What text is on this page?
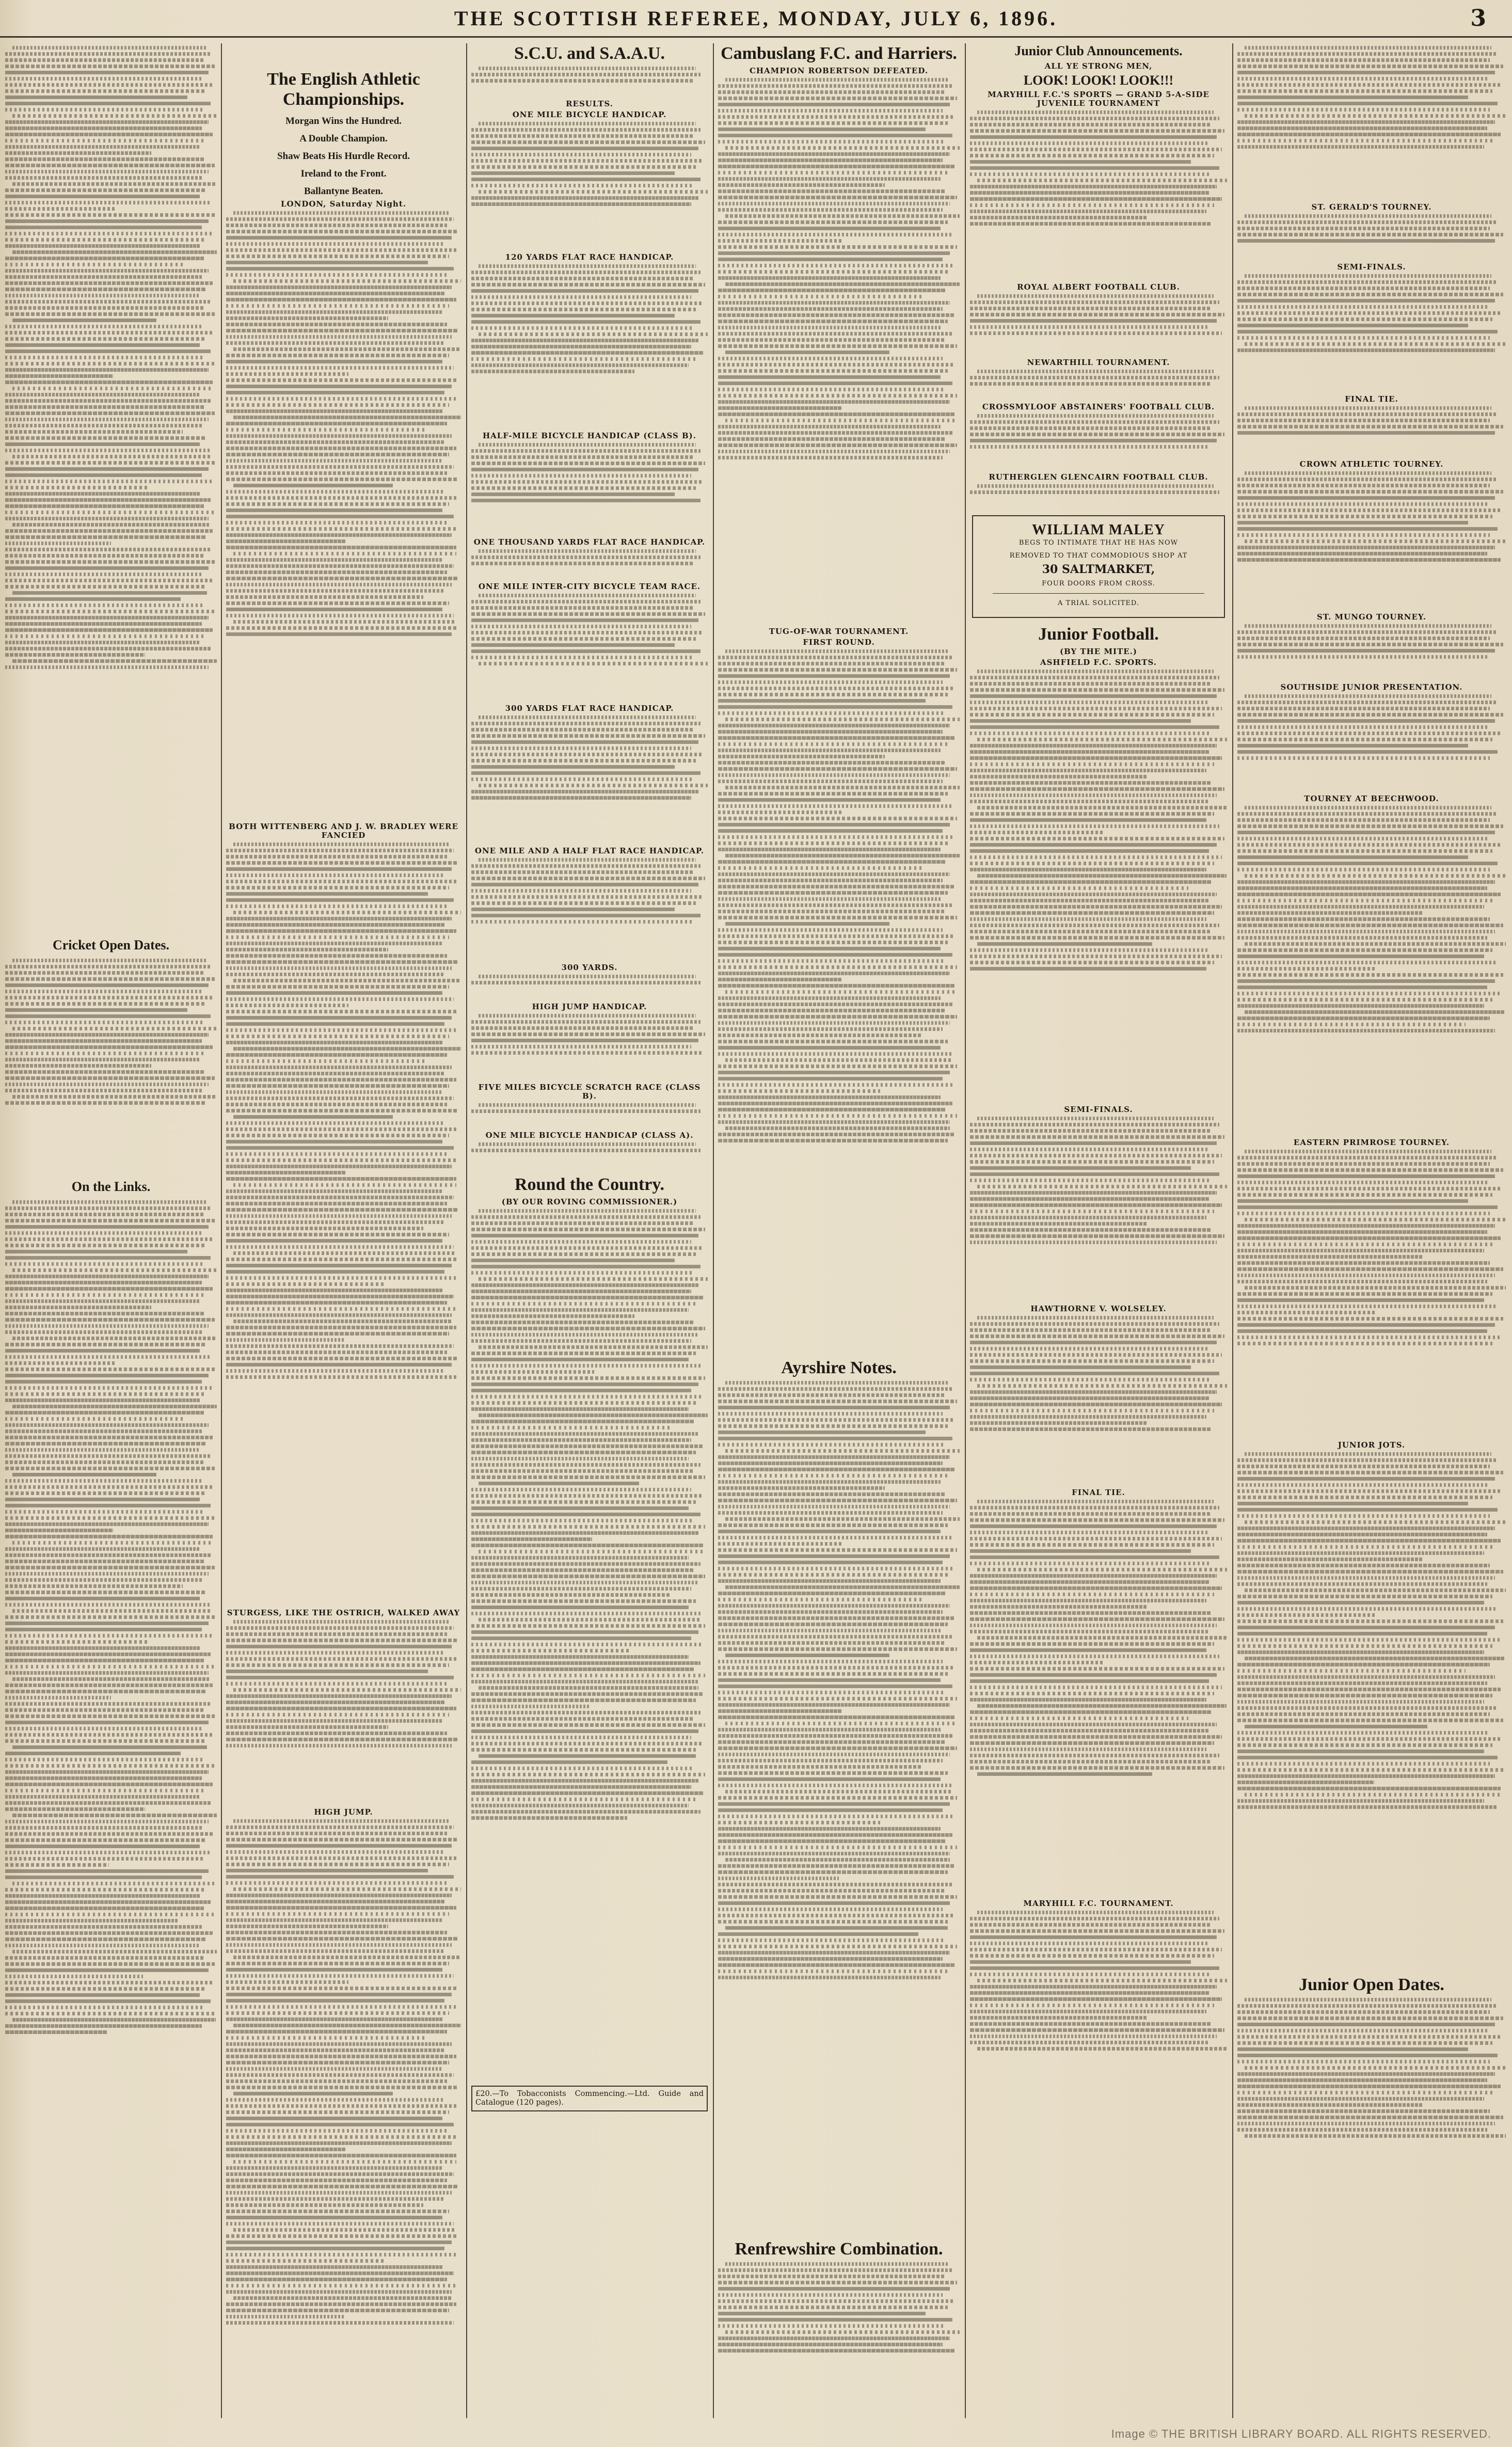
THE SCOTTISH REFEREE, MONDAY, JULY 6, 1896.	3
Cricket Open Dates.
On the Links.
The English Athletic Championships.
Morgan Wins the Hundred.
A Double Champion.
Shaw Beats His Hurdle Record.
Ireland to the Front.
Ballantyne Beaten.
LONDON, Saturday Night.
BOTH WITTENBERG AND J. W. BRADLEY WERE FANCIED
STURGESS, LIKE THE OSTRICH, WALKED AWAY
HIGH JUMP.
S.C.U. and S.A.A.U.
RESULTS.
ONE MILE BICYCLE HANDICAP.
120 YARDS FLAT RACE HANDICAP.
HALF-MILE BICYCLE HANDICAP (CLASS B).
ONE THOUSAND YARDS FLAT RACE HANDICAP.
ONE MILE INTER-CITY BICYCLE TEAM RACE.
300 YARDS FLAT RACE HANDICAP.
ONE MILE AND A HALF FLAT RACE HANDICAP.
300 YARDS.
HIGH JUMP HANDICAP.
FIVE MILES BICYCLE SCRATCH RACE (CLASS B).
ONE MILE BICYCLE HANDICAP (CLASS A).
Round the Country.
(BY OUR ROVING COMMISSIONER.)
£20.—To Tobacconists Commencing.—Ltd. Guide and Catalogue (120 pages).
Cambuslang F.C. and Harriers.
CHAMPION ROBERTSON DEFEATED.
TUG-OF-WAR TOURNAMENT.
FIRST ROUND.
Ayrshire Notes.
Renfrewshire Combination.
Junior Club Announcements.
ALL YE STRONG MEN,
LOOK! LOOK! LOOK!!!
MARYHILL F.C.'S SPORTS — GRAND 5-A-SIDE JUVENILE TOURNAMENT
ROYAL ALBERT FOOTBALL CLUB.
NEWARTHILL TOURNAMENT.
CROSSMYLOOF ABSTAINERS' FOOTBALL CLUB.
RUTHERGLEN GLENCAIRN FOOTBALL CLUB.
WILLIAM MALEY
BEGS TO INTIMATE THAT HE HAS NOW
REMOVED TO THAT COMMODIOUS SHOP AT
30 SALTMARKET,
FOUR DOORS FROM CROSS.
A TRIAL SOLICITED.
Junior Football.
(BY THE MITE.)
ASHFIELD F.C. SPORTS.
SEMI-FINALS.
HAWTHORNE V. WOLSELEY.
FINAL TIE.
MARYHILL F.C. TOURNAMENT.
ST. GERALD'S TOURNEY.
SEMI-FINALS.
FINAL TIE.
CROWN ATHLETIC TOURNEY.
ST. MUNGO TOURNEY.
SOUTHSIDE JUNIOR PRESENTATION.
TOURNEY AT BEECHWOOD.
EASTERN PRIMROSE TOURNEY.
JUNIOR JOTS.
Junior Open Dates.
Image © THE BRITISH LIBRARY BOARD. ALL RIGHTS RESERVED.
